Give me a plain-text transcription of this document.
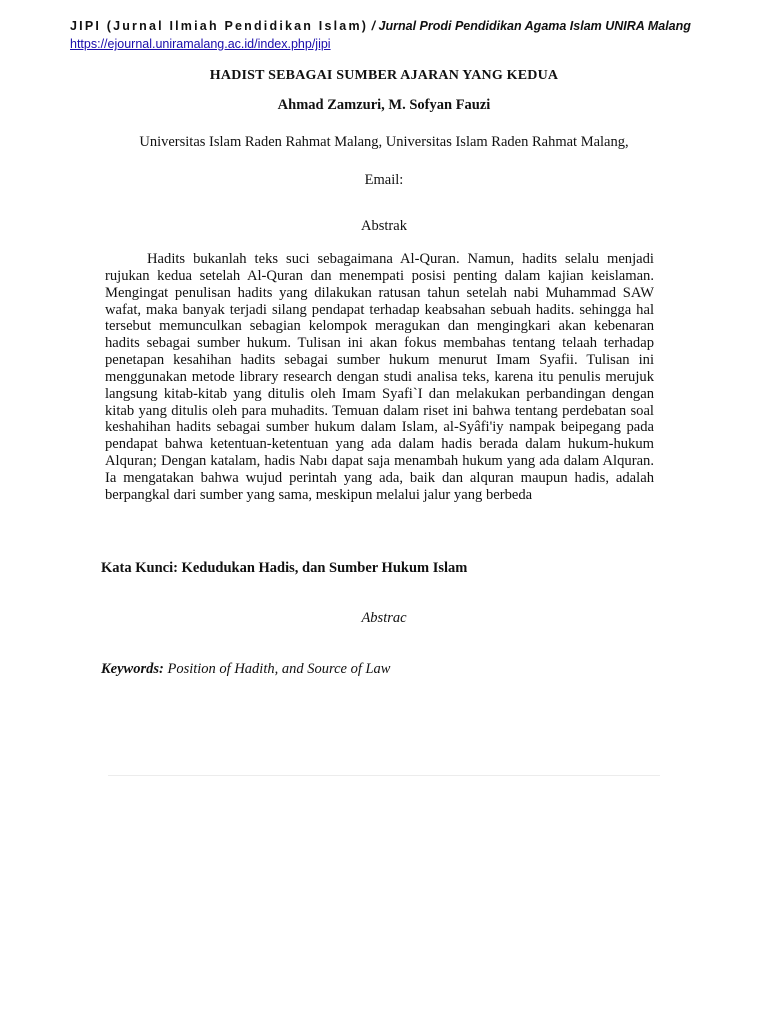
JIPI (Jurnal Ilmiah Pendidikan Islam) / Jurnal Prodi Pendidikan Agama Islam UNIRA Malang
https://ejournal.uniramalang.ac.id/index.php/jipi
HADIST SEBAGAI SUMBER AJARAN YANG KEDUA
Ahmad Zamzuri, M. Sofyan Fauzi
Universitas Islam Raden Rahmat Malang, Universitas Islam Raden Rahmat Malang,
Email:
Abstrak

Hadits bukanlah teks suci sebagaimana Al-Quran. Namun, hadits selalu menjadi rujukan kedua setelah Al-Quran dan menempati posisi penting dalam kajian keislaman. Mengingat penulisan hadits yang dilakukan ratusan tahun setelah nabi Muhammad SAW wafat, maka banyak terjadi silang pendapat terhadap keabsahan sebuah hadits. sehingga hal tersebut memunculkan sebagian kelompok meragukan dan mengingkari akan kebenaran hadits sebagai sumber hukum. Tulisan ini akan fokus membahas tentang telaah terhadap penetapan kesahihan hadits sebagai sumber hukum menurut Imam Syafii. Tulisan ini menggunakan metode library research dengan studi analisa teks, karena itu penulis merujuk langsung kitab-kitab yang ditulis oleh Imam Syafi`I dan melakukan perbandingan dengan kitab yang ditulis oleh para muhadits. Temuan dalam riset ini bahwa tentang perdebatan soal keshahihan hadits sebagai sumber hukum dalam Islam, al-Syâfi'iy nampak beipegang pada pendapat bahwa ketentuan-ketentuan yang ada dalam hadis berada dalam hukum-hukum Alquran; Dengan katalam, hadis Nabı dapat saja menambah hukum yang ada dalam Alquran. Ia mengatakan bahwa wujud perintah yang ada, baik dan alquran maupun hadis, adalah berpangkal dari sumber yang sama, meskipun melalui jalur yang berbeda

Kata Kunci: Kedudukan Hadis, dan Sumber Hukum Islam
Abstrac
Keywords: Position of Hadith, and Source of Law
